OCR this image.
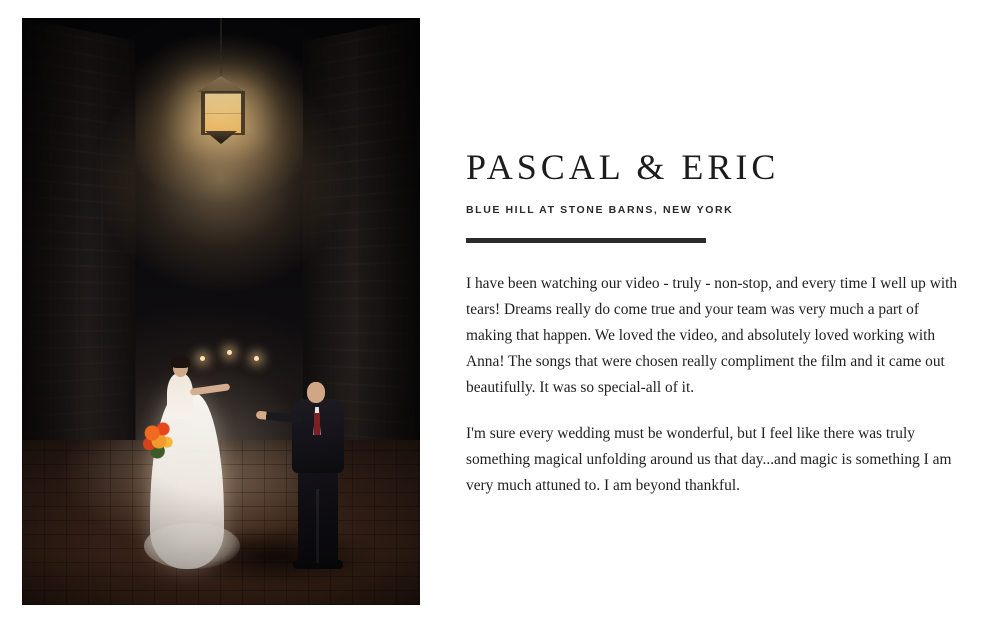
PASCAL & ERIC
BLUE HILL AT STONE BARNS, NEW YORK

I have been watching our video - truly - non-stop, and every time I well up with tears! Dreams really do come true and your team was very much a part of making that happen. We loved the video, and absolutely loved working with Anna! The songs that were chosen really compliment the film and it came out beautifully. It was so special-all of it.

I'm sure every wedding must be wonderful, but I feel like there was truly something magical unfolding around us that day...and magic is something I am very much attuned to. I am beyond thankful.
